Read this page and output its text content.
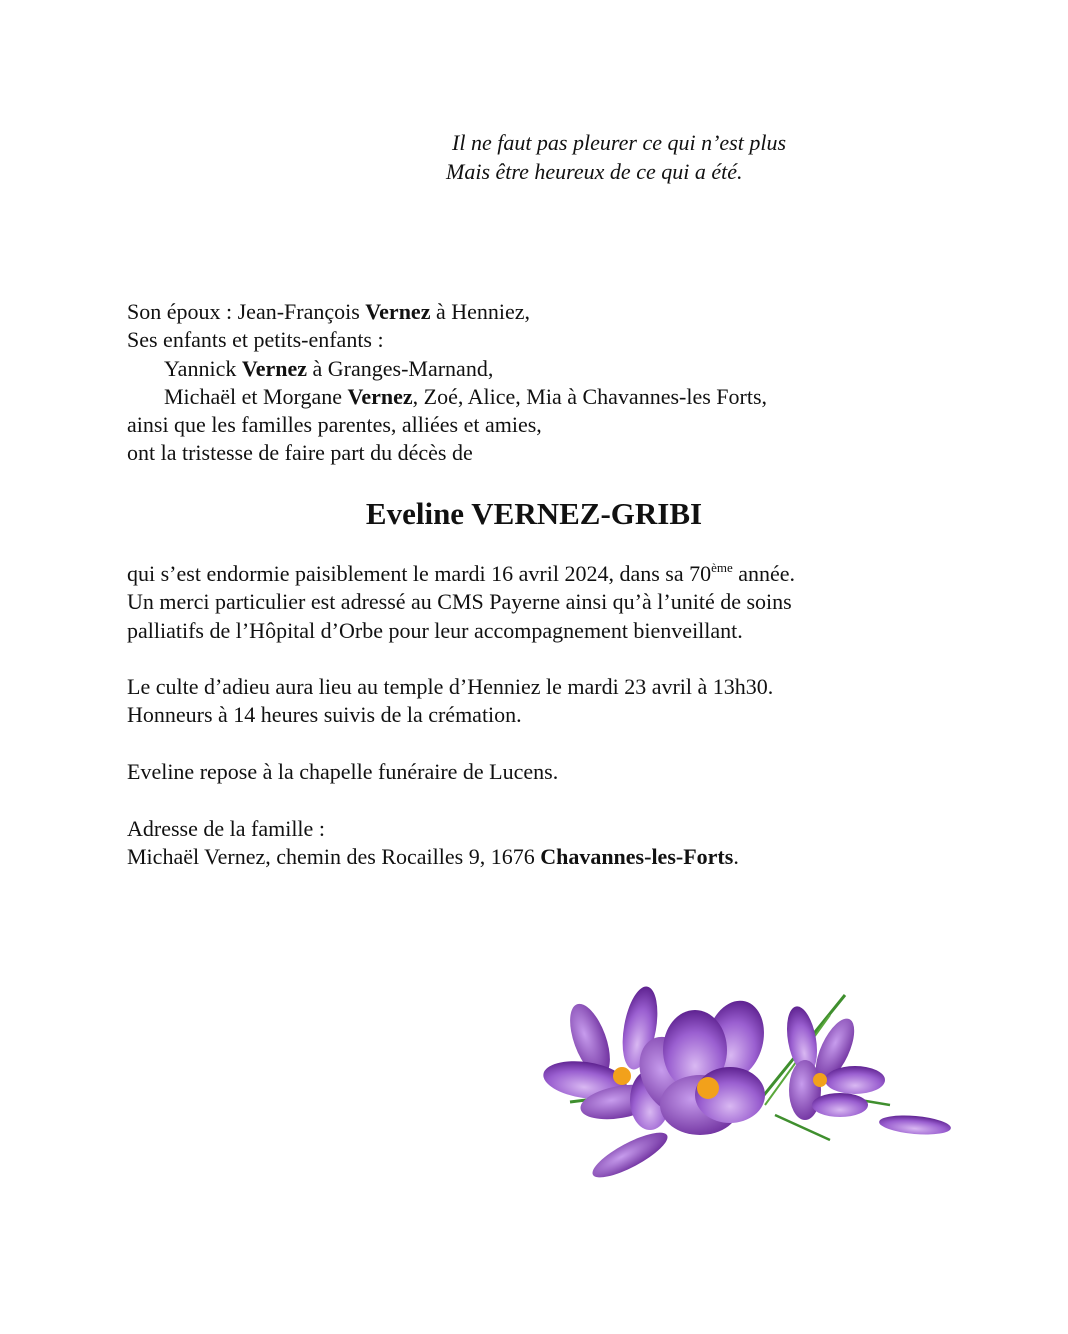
Il ne faut pas pleurer ce qui n’est plus
Mais être heureux de ce qui a été.
Son époux : Jean-François Vernez à Henniez,
Ses enfants et petits-enfants :
Yannick Vernez à Granges-Marnand,
Michaël et Morgane Vernez, Zoé, Alice, Mia à Chavannes-les Forts,
ainsi que les familles parentes, alliées et amies,
ont la tristesse de faire part du décès de
Eveline VERNEZ-GRIBI
qui s’est endormie paisiblement le mardi 16 avril 2024, dans sa 70ème année.
Un merci particulier est adressé au CMS Payerne ainsi qu’à l’unité de soins
palliatifs de l’Hôpital d’Orbe pour leur accompagnement bienveillant.
Le culte d’adieu aura lieu au temple d’Henniez le mardi 23 avril à 13h30.
Honneurs à 14 heures suivis de la crémation.
Eveline repose à la chapelle funéraire de Lucens.
Adresse de la famille :
Michaël Vernez, chemin des Rocailles 9, 1676 Chavannes-les-Forts.
